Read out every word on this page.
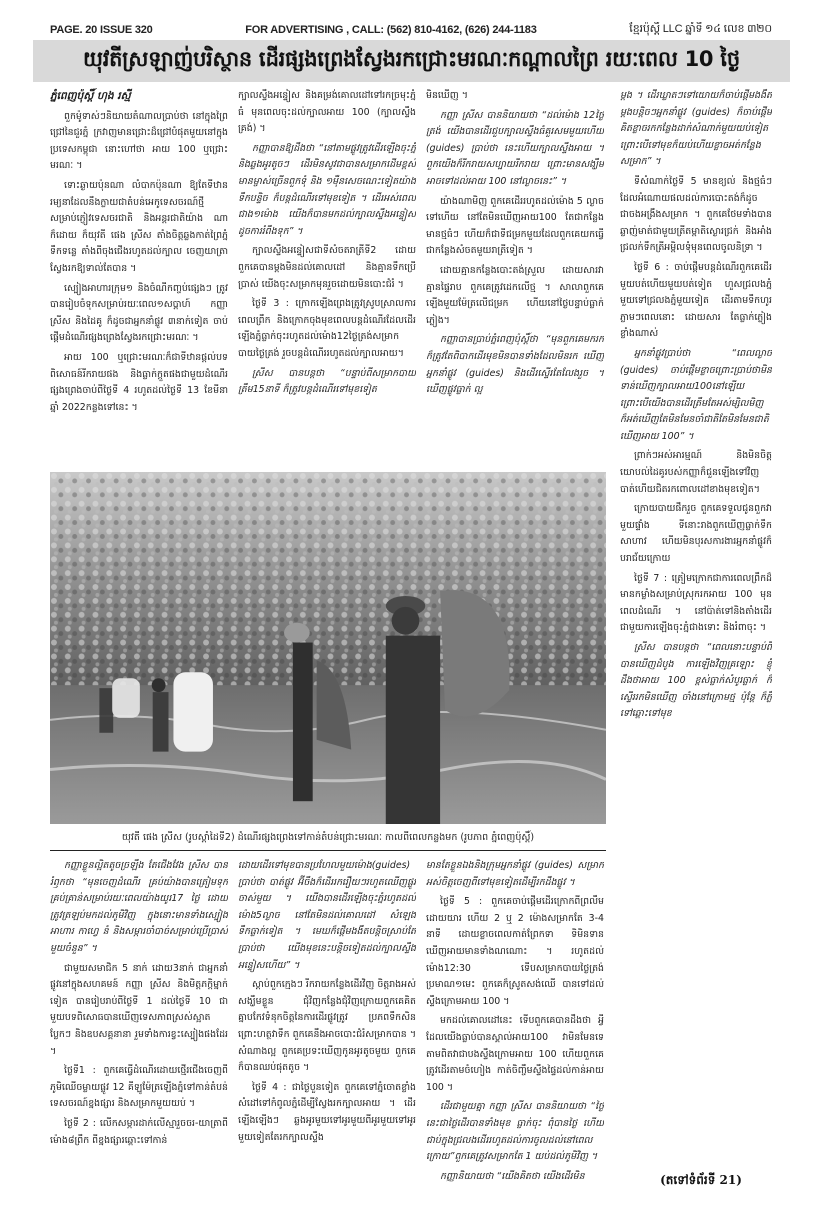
PAGE. 20 ISSUE 320	FOR ADVERTISING , CALL: (562) 810-4162, (626) 244-1183	ខ្មែរប៉ុស្តិ៍ LLC ឆ្នាំទី ១៤ លេខ ៣២០
យុវតីស្រឡាញ់បរិស្ថាន ដើរផ្សងព្រេងស្វែងរកជ្រោះមរណៈកណ្តាលព្រៃ រយៈពេល 10 ថ្ងៃ

ភ្នំពេញប៉ុស្តិ៍ ហុង រស្មី

ពួកម៉ូទាស់ៗនិយាយតំណាលប្រាប់ថា នៅក្នុងព្រៃជ្រៅនៃជួរភ្នំ ក្រវាញមានជ្រោះដ៏ជ្រៅបំផុតមួយនៅក្នុងប្រទេសកម្ពុជា នោះហៅថា អាយ 100 ឬជ្រោះមរណៈ ។

ទោះឆ្ងាយប៉ុនណា លំបាកប៉ុនណា ឱ្យតែទីឋាន រម្យនាដែលនឹងក្លាយជាតំបន់អេកូទេសចរណ៍ថ្មី សម្រាប់ភ្ញៀវទេសចរជាតិ និងអន្តរជាតិយ៉ាង ណាក៏ដោយ ក៏យុវតី ផេង ស្រីស តាំងចិត្តឆ្លងកាត់ព្រៃភ្នំទឹកទន្លេ តាំងពីចុងជើងរហូតដល់ក្បាល ចេញយាត្រាស្វែងរកឱ្យទាល់តែបាន ។

ស្បៀងអាហារក្រុម១ និងចំណីកញ្ចប់ផ្សេងៗ ត្រូវបានរៀបចំទុកសម្រាប់រយៈពេល១សប្តាហ៍ កញ្ញា ស្រីស និងដៃគូ ក៏ដូចជាអ្នកនាំផ្លូវ ៣នាក់ទៀត ចាប់ផ្តើមដំណើរផ្សងព្រេងស្វែងរកជ្រោះមរណៈ ។

អាយ 100 ឬជ្រោះមរណៈក៏ជាទីឋានផ្តល់បទពិសោធន៍រីករាយផង និងធ្លាក់ក្តួតផងជាមួយដំណើរផ្សងព្រេងចាប់ពីថ្ងៃទី 4 រហូតដល់ថ្ងៃទី 13 ខែមីនា ឆ្នាំ 2022កន្លងទៅនេះ ។

ក្បាលស្ទឹងអន្ទៀស និងគម្រង់គោលដៅទៅរកច្រមុះភ្នំធំ មុនពេលចុះដល់ក្បាលអាយ 100 (ក្បាលស្ទឹងគ្រង់) ។

កញ្ញាបានឱ្យដឹងថា “នៅតាមផ្លូវត្រូវដើរឡើងចុះភ្នំ និងឆ្លងអូរតូចៗ ដើរមិនសូវជាបានសម្រាកដើមខ្ពស់ មានម្ចាស់ច្រើនពួកទុំ និង ១ម៉ឺនសេចណេះទៀតយ៉ាងទឹកបន្ទិច ក៏បន្តដំណើរទៅមុខទៀត ។ ដើរអស់ពេលជាង១ម៉ោង យើងក៏បានមកដល់ក្បាលស្ទឹងអន្ទៀសដូចការរំពឹងទុក” ។

ក្បាលស្ទឹងអន្ទៀសជាទីសំចតរាត្រីទី2 ដោយពួកគេបានម្តងមិនដល់គោលដៅ និងគ្មានទឹកប្រើប្រាស់ យើងចុះសម្រាកមុនរួចដោយមិនបោះជំរំ ។

ថ្ងៃទី 3 : ក្រោកឡើងព្រេងត្រូវស្រូបស្រាលការពេលព្រឹក និងក្រោកចុងមុខពេលបន្តដំណើរដែលដើរឡើងភ្នំធ្លាក់ចុះរហូតដល់ម៉ោង12ថ្ងៃត្រង់សម្រាកបាយថ្ងៃត្រង់ រួចបន្តដំណើររហូតដល់ក្បាលអាយ។

ស្រីស បានបន្តថា “បន្ទាប់ពីសម្រាកបាយត្រឹម15នាទី ក៏ត្រូវបន្តដំណើរទៅមុខទៀត

មិនឃើញ ។

កញ្ញា ស្រីស បាននិយាយថា “ដល់ម៉ោង 12ថ្ងៃត្រង់ យើងបានដើរជួបក្បាលស្ទឹងធំគួរសមមួយហើយ (guides) ប្រាប់ថា នេះហើយក្បាលស្ទឹងអាយ ។ ពួកយើងក៏រីករាយសប្បាយរីករាយ ព្រោះមានសង្ឃឹមអាចទៅដល់អាយ 100 នៅល្ងាចនេះ” ។

យ៉ាងណាមិញ ពួកគេដើររហូតដល់ម៉ោង 5 ល្ងាចទៅហើយ នៅតែមិនឃើញអាយ100 តែជាកន្លែងមានថ្មធំៗ ហើយក៏ជាទីជម្រកមួយដែលពួកគេយកធ្វើជាកន្លែងសំចតមួយរាត្រីទៀត ។

ដោយគ្មានកន្លែងបោះតង់ស្រួល ដោយសារវាគ្មានផ្ទៃរាប ពួកគេត្រូវដេកលើថ្ម ។ សាលាពួកគេឡើងមួយម៉ែត្រលើជម្រក ហើយនៅថ្ងៃបន្ទាប់ធ្លាក់ភ្លៀង។

កញ្ញាបានប្រាប់ភ្នំពេញប៉ុស្តិ៍ថា “មុនពួកគេមករកក៏ត្រូវតែពិបាកដើរមុខមិនបានទាំងដែលមិនរក ឃើញអ្នកនាំផ្លូវ (guides) និងដើរស្ទើរតែលែងរួច ។ ឃើញផ្លូវធ្លាក់ ល្អ

ម្តង ។ ដើរឃ្លាតៗទៅយោយក៏ចាប់ផ្តើមងងឹតម្តងបន្តិចៗអ្នកនាំផ្លូវ (guides) ក៏ចាប់ផ្តើមគិតខ្លាចរកកន្លែងដាក់សំណាក់មួយយប់ទៀត ព្រោះបើទៅមុខក៏យប់ហើយខ្លាចអត់កន្លែងសម្រាក” ។

ទីសំណាក់ថ្ងៃទី 5 មានខ្យល់ និងថ្មធំៗ ដែលអំណោយផលដល់ការបោះតង់ក៏ដូចជាចងអង្រឹងសម្រាក ។ ពួកគេថែមទាំងបានឆ្លាញ់មាត់ជាមួយត្រីតម្ពាតិស្ងោរជ្រក់ និងអាំងជ្រលក់ទឹកត្រីអម្ពិលទុំមុនពេលចូលនិទ្រា ។

ថ្ងៃទី 6 : ចាប់ផ្តើមបន្តដំណើរពួកគេដើរមួយបត់ហើយមួយបត់ទៀត ហួសជ្រលងភ្នំមួយទៅជ្រលងភ្នំមួយទៀត ដើរតាមទឹកហូរភ្លាមៗពេលនោះ ដោយសារ តែធ្លាក់ភ្លៀងខ្លាំងណាស់

អ្នកនាំផ្លូវប្រាប់ថា “ពេលល្ងាច (guides) ចាប់ផ្តើមខ្លាចព្រោះប្រាប់ថាមិនទាន់ឃើញក្បាលអាយ100នៅឡើយ ព្រោះបើយើងបានដើរត្រឹមតែអស់ម្សិលមិញ ក៏អត់ឃើញតែមិនមែនចាំជាតិតែមិនមែនជាតិឃើញអាយ 100” ។

ព្រាក់ៗអស់អារម្មណ៍ និងមិនចិត្ត យោបល់ដៃគូរបស់កញ្ញាក៏ជួនឡើងទៅវិញបាត់ហើយជិតរកពោលដៅខាងមុខទៀត។

ក្រោយបាយផឹករួច ពួកគេទទួលជូនពួកវាមួយផ្ទាំង ទីនោះរាងពួកឃើញធ្លាក់ទឹក សាហាវ ហើយមិនបុរសការងារអ្នកនាំផ្លូវក៏បរាជ័យក្រោយ

ថ្ងៃទី 7 : ត្រៀមក្រោកជាការពេលព្រឹកដ៏មានកម្លាំងសម្រាប់ស្រុករកអាយ 100 មុនពេលដំណើរ ។ នៅប៉ាត់ទៅនិងតាំងដើរជាមួយការឡើងចុះភ្នំជាងទោះ និងរំពាចុះ ។

ស្រីស បានបន្តថា “ពេលនោះបន្ទាប់ពីបានឃើញដំបូង ការឡើងវិញគ្រឡោះ ខ្ញុំដឹងថាអាយ 100 ខ្ពស់ធ្លាក់សំបូរធ្លាក់ ក៏ស្ទើររកមិនឃើញ ចាំងនៅក្រោមថ្ម ប៉ុន្តែ ក៏ភ្លឺ ទៅឆ្ពោះទៅមុខ

យុវតី ផេង ស្រីស (រូបស្តាំដៃទី2) ដំណើរផ្សងព្រេងទៅកាន់តំបន់ជ្រោះមរណៈ កាលពីពេលកន្លងមក (រូបភាព ភ្នំពេញប៉ុស្តិ៍)

កញ្ញាខ្លួនល្អិតតូចច្រឡឹង តែជើងវែង ស្រីស បានរំឭកថា “មុនចេញដំណើរ គ្រប់យ៉ាងបានត្រៀមទុកគ្រប់គ្រាន់សម្រាប់រយៈពេលយ៉ាងយូរ17 ថ្ងៃ ដោយត្រូវត្រឡប់មកដល់ភូមិវិញ ក្នុងនោះមានទាំងស្បៀងអាហារ កាហ្វេ នំ និងសម្ភារចាំបាច់សម្រាប់ប្រើប្រាស់មួយចំនួន” ។

ជាមួយសមាជិក 5 នាក់ ដោយ3នាក់ ជាអ្នកនាំផ្លូវនៅក្នុងសហគមន៍ កញ្ញា ស្រីស និងមិត្តភក្តិម្នាក់ទៀត បានរៀបរាប់ពីថ្ងៃទី 1 ដល់ថ្ងៃទី 10 ជាមួយបទពិសោធបានឃើញទេសភាពស្រស់ស្អាតប្លែកៗ និងឧបសគ្គនានា រួមទាំងការខ្វះស្បៀងផងដែរ ។

ថ្ងៃទី1 : ពួកគេធ្វើដំណើរដោយថ្មើរជើងចេញពីភូមិឈើចម្លាយផ្លូវ 12 គីឡូម៉ែត្រឡើងភ្នំទៅកាន់តំបន់ទេសចរណ៍ខ្នងផ្សារ និងសម្រាកមួយយប់ ។

ថ្ងៃទី 2 : លើកសម្ភារដាក់លើស្មារួចចរ-យាត្រាពីម៉ោង៨ព្រឹក ពីខ្នងផ្សារឆ្ពោះទៅកាន់

ដោយដើរទៅមុខបានប្រហែលមួយម៉ោង(guides) ប្រាប់ថា បាត់ផ្លូវ អ៊ីចឹងក៏ដើររករឿយៗរហូតឈើញផ្លូវចាស់មួយ ។ យើងបានដើរឡើងចុះភ្នំរហូតដល់ម៉ោង5ល្ងាច នៅតែមិនដល់គោលដៅ សំឡេងទឹកធ្លាក់ទៀត ។ មេឃក៏ផ្តើមងងឹតបន្តិចស្រាប់តែ ប្រាប់ថា យើងមុខនេះបន្តិចទៀតដល់ក្បាលស្ទឹងអន្ទៀសហើយ” ។

ស្តាប់ពួកក្មេងៗ រីករាយកន្លែងដើរវិញ ចិត្តរាងអស់សង្ឃឹមខ្លួន ជុំវិញកន្លែងជុំវិញក្រោយពួកគេគិតគ្នាបកែវទំនុកចិត្តនៃការដើរផ្លូវត្រូវ ប្រភពទឹកសិន ព្រោះហត្ថវាទឹក ពួកគេនឹងអាចបោះជំរំសម្រាកបាន ។ សំណាងល្អ ពួកគេប្រទះឃើញកូនអូរតូចមួយ ពួកគេក៏បានឈប់ផុតតូច ។

ថ្ងៃទី 4 : ជាថ្ងៃបួនទៀត ពួកគេទៅភ្នំចោតខ្លាំងសំដៅទៅកំពូលភ្នំដើម្បីស្វែងរកក្បាលអាយ ។ ដើរឡើងឡើងៗ ឆ្លងអូរមួយទៅអូរមួយពីអូរមួយទៅអូរមួយទៀតតែរកក្បាលស្ទឹង

មានតែខ្លួនឯងនិងក្រុមអ្នកនាំផ្លូវ (guides) សម្រាកអស់ចិត្តចេញពីទៅមុខទៀតដើម្បីរកដឹងផ្លូវ ។

ថ្ងៃទី 5 : ពួកគេចាប់ផ្តើមដើរក្រោកពីព្រលឹមដោយយារ ហើយ 2 ឬ 2 ម៉ោងសម្រាកតែ 3-4 នាទី ដោយខ្លាចពេលកាត់ព្រែកទា ទិមិនទានឃើញអាយមានទាំងណណោះ ។ រហូតដល់ម៉ោង12:30 ទើបសម្រាកបាយថ្ងៃត្រង់ ប្រមាណ១មេះ ពួកគេក៏ស្រូតសង់ឈើ បានទៅដល់ស្ទឹងក្រោមអាយ 100 ។

មកដល់គោលដៅនេះ ទើបពួកគេបានដឹងថា អ្វីដែលយើងធ្លាប់បានស្គាល់អាយ100 វាមិនមែនទេ តាមពិតវាជាបងស្ទឹងក្រោមអាយ 100 ហើយពួកគេត្រូវដើរតាមចំហៀង កាត់ចិញ្ចឹមស្ទឹងផ្ទៃដល់កាន់អាយ 100 ។

ដើរជាមួយគ្នា កញ្ញា ស្រីស បាននិយាយថា “ថ្ងៃនេះជាថ្ងៃដើរបានទាំងមុខ ធ្លាក់ចុះ ពុំបានថ្ងៃ ហើយជាប់ក្នុងជ្រលងដើររហូតដល់ការចូលដល់នៅពេលក្រោយ”ពួកគេត្រូវសម្រាកតែ 1 យប់ដល់ភូមិវិញ ។

កញ្ញានិយាយថា “យើងគិតថា យើងដើរមិន	(តទៅទំព័រទី 21)
